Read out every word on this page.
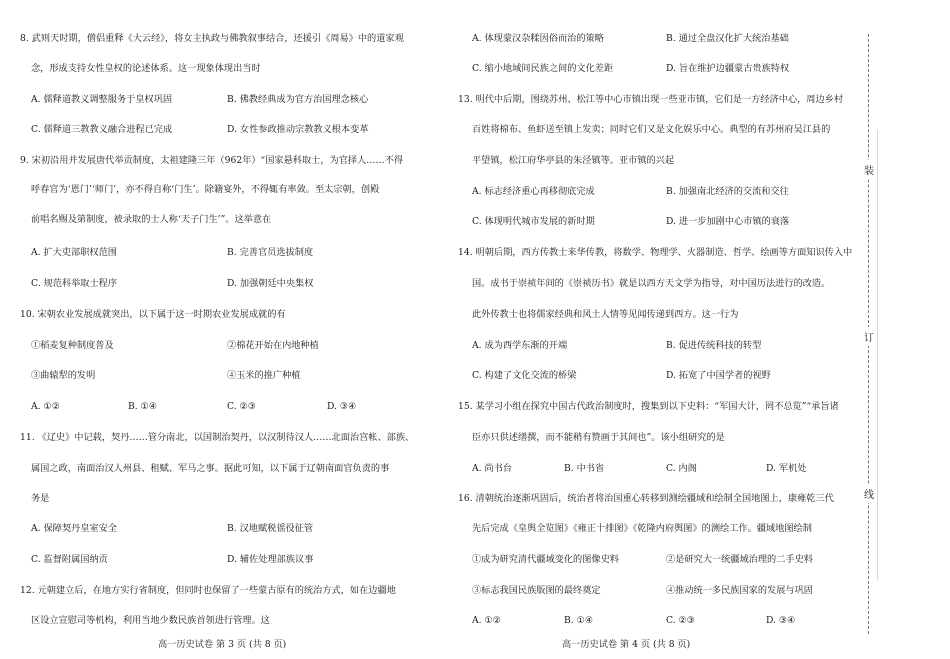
8. 武则天时期，僧侣重释《大云经》，将女主执政与佛教叙事结合，还援引《周易》中的道家观
念，形成支持女性皇权的论述体系。这一现象体现出当时
A. 儒释道教义调整服务于皇权巩固	B. 佛教经典成为官方治国理念核心
C. 儒释道三教教义融合进程已完成	D. 女性参政推动宗教教义根本变革
9. 宋初沿用并发展唐代举贡制度，太祖建隆三年（962年）“国家悬科取士，为官择人……不得
呼春官为‘恩门’‘师门’，亦不得自称‘门生’。除籍宴外，不得辄有率敛。至太宗朝，创殿
前唱名赐及第制度，被录取的士人称‘天子门生’”。这举意在
A. 扩大吏部职权范围	B. 完善官员选拔制度
C. 规范科举取士程序	D. 加强朝廷中央集权
10. 宋朝农业发展成就突出，以下属于这一时期农业发展成就的有
①稻麦复种制度普及	②棉花开始在内地种植
③曲辕犁的发明	④玉米的推广种植
A. ①②	B. ①④	C. ②③	D. ③④
11. 《辽史》中记载，契丹……管分南北，以国制治契丹，以汉制待汉人……北面治宫帐、部族、
属国之政，南面治汉人州县、租赋、军马之事。据此可知，以下属于辽朝南面官负责的事
务是
A. 保障契丹皇室安全	B. 汉地赋税徭役征管
C. 监督附属国纳贡	D. 辅佐处理部族议事
12. 元朝建立后，在地方实行省制度，但同时也保留了一些蒙古原有的统治方式，如在边疆地
区设立宣慰司等机构，利用当地少数民族首领进行管理。这
高一历史试卷 第 3 页 (共 8 页)
A. 体现蒙汉杂糅因俗而治的策略	B. 通过全盘汉化扩大统治基础
C. 缩小地域间民族之间的文化差距	D. 旨在维护边疆蒙古贵族特权
13. 明代中后期，围绕苏州、松江等中心市镇出现一些亚市镇，它们是一方经济中心，周边乡村
百姓将棉布、鱼虾送至镇上发卖；同时它们又是文化娱乐中心。典型的有苏州府吴江县的
平望镇，松江府华亭县的朱泾镇等。亚市镇的兴起
A. 标志经济重心再移彻底完成	B. 加强南北经济的交流和交往
C. 体现明代城市发展的新时期	D. 进一步加剧中心市镇的衰落
14. 明朝后期，西方传教士来华传教，将数学、物理学、火器制造、哲学、绘画等方面知识传入中
国。成书于崇祯年间的《崇祯历书》就是以西方天文学为指导，对中国历法进行的改造。
此外传教士也将儒家经典和风土人情等见闻传递到西方。这一行为
A. 成为西学东渐的开端	B. 促进传统科技的转型
C. 构建了文化交流的桥梁	D. 拓宽了中国学者的视野
15. 某学习小组在探究中国古代政治制度时，搜集到以下史料：“军国大计，罔不总览”“承旨诸
臣亦只供述缮撰，而不能稍有赞画于其间也”。该小组研究的是
A. 尚书台	B. 中书省	C. 内阁	D. 军机处
16. 清朝统治逐渐巩固后，统治者将治国重心转移到测绘疆域和绘制全国地图上，康雍乾三代
先后完成《皇舆全览图》《雍正十排图》《乾隆内府舆图》的测绘工作。疆域地图绘制
①成为研究清代疆域变化的图像史料	②是研究大一统疆域治理的二手史料
③标志我国民族版图的最终奠定	④推动统一多民族国家的发展与巩固
A. ①②	B. ①④	C. ②③	D. ③④
高一历史试卷 第 4 页 (共 8 页)
装
订
线
